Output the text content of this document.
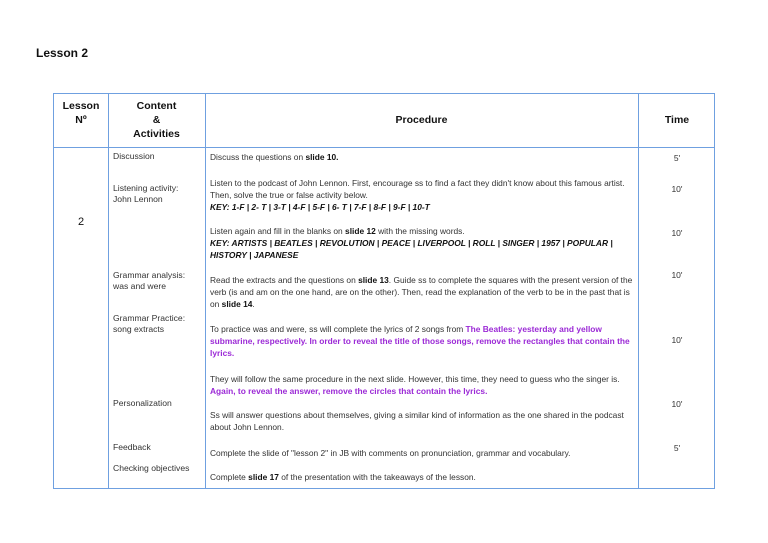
Lesson 2
Lesson
Nº
Content
&
Activities
Procedure	Time
2
Discussion
Listening activity:
John Lennon
Grammar analysis:
was and were
Grammar Practice:
song extracts
Personalization
Feedback
Checking objectives
Discuss the questions on slide 10.
Listen to the podcast of John Lennon. First, encourage ss to find a fact they didn't know about this famous artist. Then, solve the true or false activity below.
KEY: 1-F | 2- T | 3-T | 4-F | 5-F | 6- T | 7-F | 8-F | 9-F | 10-T
Listen again and fill in the blanks on slide 12 with the missing words.
KEY: ARTISTS | BEATLES | REVOLUTION | PEACE | LIVERPOOL | ROLL | SINGER | 1957 | POPULAR | HISTORY | JAPANESE
Read the extracts and the questions on slide 13. Guide ss to complete the squares with the present version of the verb (is and am on the one hand, are on the other). Then, read the explanation of the verb to be in the past that is on slide 14.
To practice was and were, ss will complete the lyrics of 2 songs from The Beatles: yesterday and yellow submarine, respectively. In order to reveal the title of those songs, remove the rectangles that contain the lyrics.
They will follow the same procedure in the next slide. However, this time, they need to guess who the singer is. Again, to reveal the answer, remove the circles that contain the lyrics.
Ss will answer questions about themselves, giving a similar kind of information as the one shared in the podcast about John Lennon.
Complete the slide of "lesson 2" in JB with comments on pronunciation, grammar and vocabulary.
Complete slide 17 of the presentation with the takeaways of the lesson.
5'
10'
10'
10'
10'
10'
5'
